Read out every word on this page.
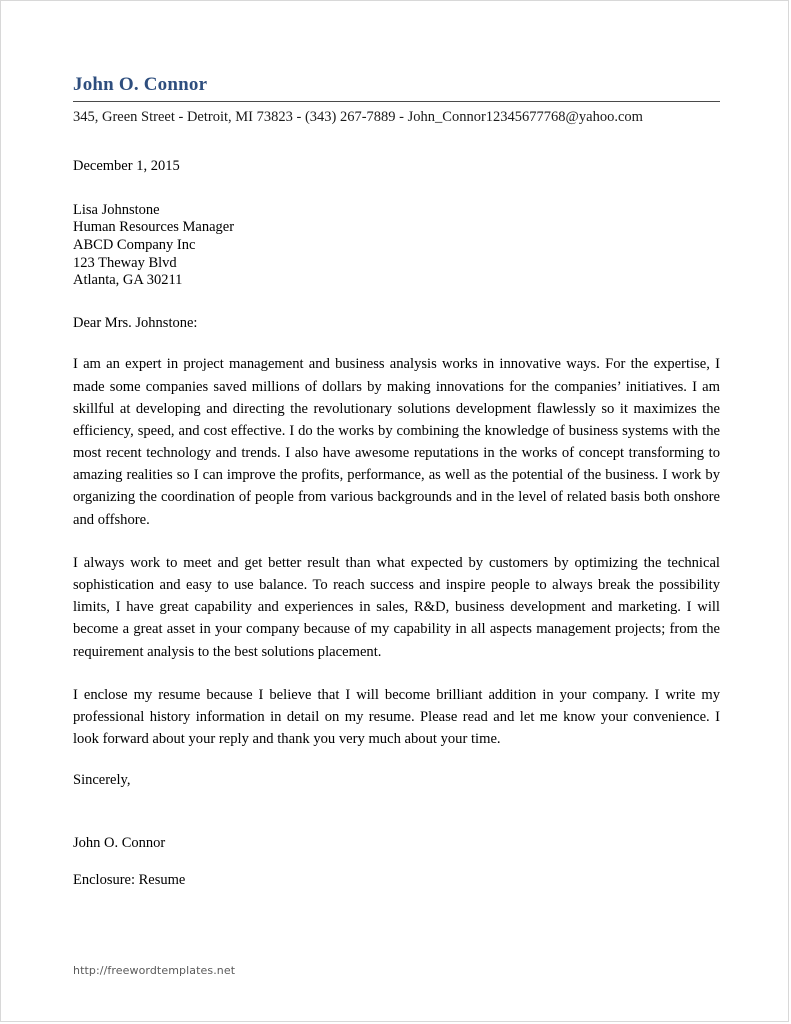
John O. Connor
345, Green Street - Detroit, MI 73823 - (343) 267-7889 - John_Connor12345677768@yahoo.com
December 1, 2015
Lisa Johnstone
Human Resources Manager
ABCD Company Inc
123 Theway Blvd
Atlanta, GA 30211
Dear Mrs. Johnstone:

I am an expert in project management and business analysis works in innovative ways. For the expertise, I made some companies saved millions of dollars by making innovations for the companies’ initiatives. I am skillful at developing and directing the revolutionary solutions development flawlessly so it maximizes the efficiency, speed, and cost effective. I do the works by combining the knowledge of business systems with the most recent technology and trends. I also have awesome reputations in the works of concept transforming to amazing realities so I can improve the profits, performance, as well as the potential of the business. I work by organizing the coordination of people from various backgrounds and in the level of related basis both onshore and offshore.

I always work to meet and get better result than what expected by customers by optimizing the technical sophistication and easy to use balance. To reach success and inspire people to always break the possibility limits, I have great capability and experiences in sales, R&D, business development and marketing. I will become a great asset in your company because of my capability in all aspects management projects; from the requirement analysis to the best solutions placement.

I enclose my resume because I believe that I will become brilliant addition in your company. I write my professional history information in detail on my resume. Please read and let me know your convenience. I look forward about your reply and thank you very much about your time.

Sincerely,
John O. Connor
Enclosure: Resume
http://freewordtemplates.net
